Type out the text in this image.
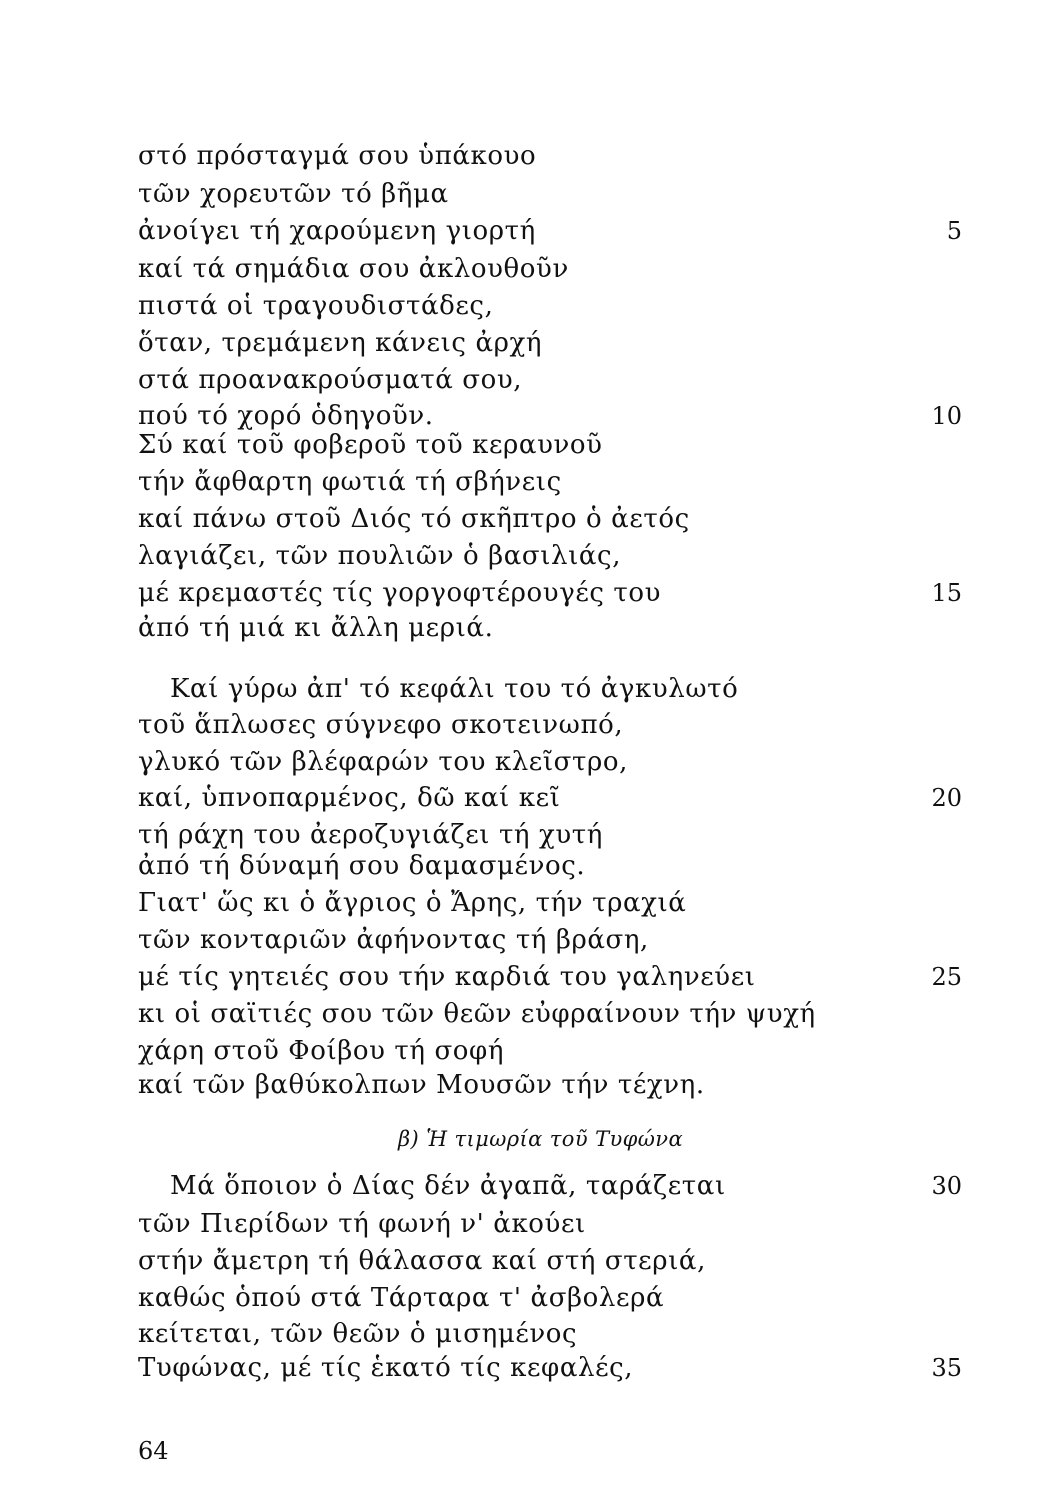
στό πρόσταγμά σου ὑπάκουο
τῶν χορευτῶν τό βῆμα
ἀνοίγει τή χαρούμενη γιορτή
καί τά σημάδια σου ἀκλουθοῦν
πιστά οἱ τραγουδιστάδες,
ὅταν, τρεμάμενη κάνεις ἀρχή
στά προανακρούσματά σου,
πού τό χορό ὁδηγοῦν.
Σύ καί τοῦ φοβεροῦ τοῦ κεραυνοῦ
τήν ἄφθαρτη φωτιά τή σβήνεις
καί πάνω στοῦ Διός τό σκῆπτρο ὁ ἀετός
λαγιάζει, τῶν πουλιῶν ὁ βασιλιάς,
μέ κρεμαστές τίς γοργοφτέρουγές του
ἀπό τή μιά κι ἄλλη μεριά.
Καί γύρω ἀπ' τό κεφάλι του τό ἀγκυλωτό
τοῦ ἅπλωσες σύγνεφο σκοτεινωπό,
γλυκό τῶν βλέφαρών του κλεῖστρο,
καί, ὑπνοπαρμένος, δῶ καί κεῖ
τή ράχη του ἀεροζυγιάζει τή χυτή
ἀπό τή δύναμή σου δαμασμένος.
Γιατ' ὥς κι ὁ ἄγριος ὁ Ἄρης, τήν τραχιά
τῶν κονταριῶν ἀφήνοντας τή βράση,
μέ τίς γητειές σου τήν καρδιά του γαληνεύει
κι οἱ σαϊτιές σου τῶν θεῶν εὐφραίνουν τήν ψυχή
χάρη στοῦ Φοίβου τή σοφή
καί τῶν βαθύκολπων Μουσῶν τήν τέχνη.
β) Ἡ τιμωρία τοῦ Τυφώνα
Μά ὅποιον ὁ Δίας δέν ἀγαπᾶ, ταράζεται
τῶν Πιερίδων τή φωνή ν' ἀκούει
στήν ἄμετρη τή θάλασσα καί στή στεριά,
καθώς ὁπού στά Τάρταρα τ' ἀσβολερά
κείτεται, τῶν θεῶν ὁ μισημένος
Τυφώνας, μέ τίς ἑκατό τίς κεφαλές,
5
10
15
20
25
30
35
64
